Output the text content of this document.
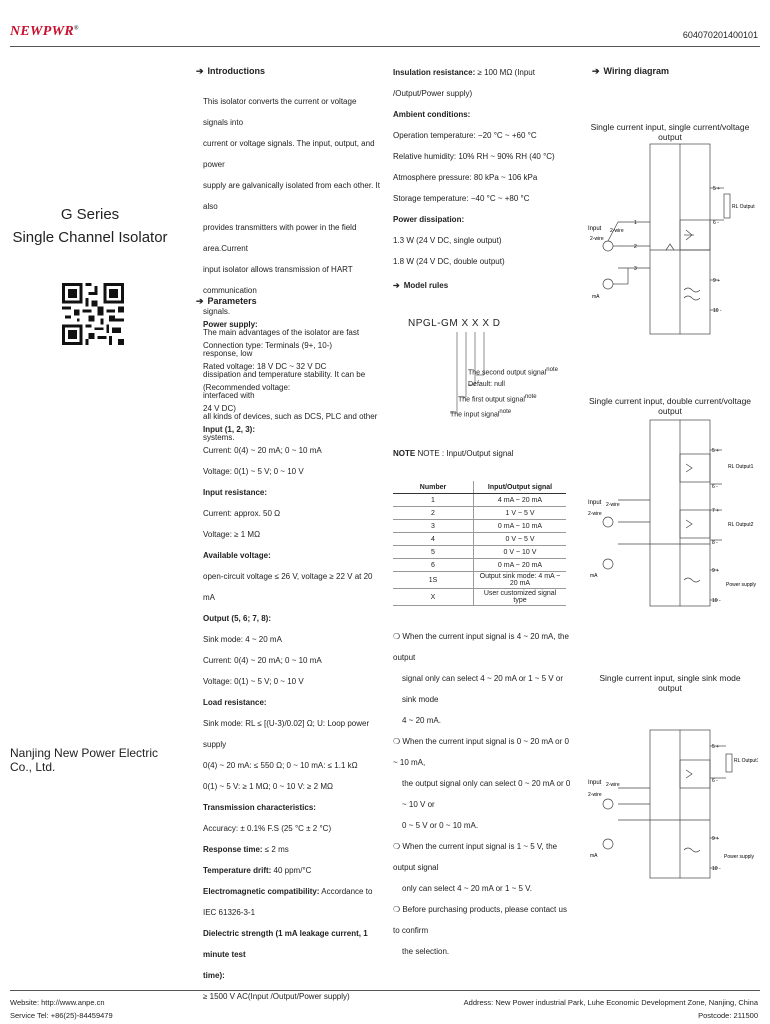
NEWPWR®
604070201400101
G Series
Single Channel Isolator
Nanjing New Power Electric Co., Ltd.
➔ Introductions
This isolator converts the current or voltage signals into
current or voltage signals. The input, output, and power
supply are galvanically isolated from each other. It also
provides transmitters with power in the field area.Current
input isolator allows transmission of HART communication
signals.
The main advantages of the isolator are fast response, low
dissipation and temperature stability. It can be interfaced with
all kinds of devices, such as DCS, PLC and other systems.
➔ Parameters
Power supply:
Connection type: Terminals (9+, 10-)
Rated voltage: 18 V DC ~ 32 V DC (Recommended voltage:
24 V DC)
Input (1, 2, 3):
Current: 0(4) ~ 20 mA; 0 ~ 10 mA
Voltage: 0(1) ~ 5 V; 0 ~ 10 V
Input resistance:
Current: approx. 50 Ω
Voltage: ≥ 1 MΩ
Available voltage:
open-circuit voltage ≤ 26 V, voltage ≥ 22 V at 20 mA
Output (5, 6; 7, 8):
Sink mode: 4 ~ 20 mA
Current: 0(4) ~ 20 mA; 0 ~ 10 mA
Voltage: 0(1) ~ 5 V; 0 ~ 10 V
Load resistance:
Sink mode: RL ≤ [(U-3)/0.02] Ω; U: Loop power supply
0(4) ~ 20 mA: ≤ 550 Ω; 0 ~ 10 mA: ≤ 1.1 kΩ
0(1) ~ 5 V: ≥ 1 MΩ; 0 ~ 10 V: ≥ 2 MΩ
Transmission characteristics:
Accuracy: ± 0.1% F.S (25 °C ± 2 °C)
Response time: ≤ 2 ms
Temperature drift: 40 ppm/°C
Electromagnetic compatibility: Accordance to IEC 61326-3-1
Dielectric strength (1 mA leakage current, 1 minute test
time):
≥ 1500 V AC(Input /Output/Power supply)
Insulation resistance: ≥ 100 MΩ (Input /Output/Power supply)
Ambient conditions:
Operation temperature: −20 °C ~ +60 °C
Relative humidity: 10% RH ~ 90% RH (40 °C)
Atmosphere pressure: 80 kPa ~ 106 kPa
Storage temperature: −40 °C ~ +80 °C
Power dissipation:
1.3 W (24 V DC, single output)
1.8 W (24 V DC, double output)
➔ Model rules
NPGL-GM X X X D
The second output signal$^{note}$
Default: null
The first output signal$^{note}$
The input signal$^{note}$
NOTE NOTE : Input/Output signal
Number	Input/Output signal
1	4 mA ~ 20 mA
2	1 V ~ 5 V
3	0 mA ~ 10 mA
4	0 V ~ 5 V
5	0 V ~ 10 V
6	0 mA ~ 20 mA
1S	Output sink mode: 4 mA ~ 20 mA
X	User customized signal type
❍ When the current input signal is 4 ~ 20 mA, the output
signal only can select 4 ~ 20 mA or 1 ~ 5 V or sink mode
4 ~ 20 mA.
❍ When the current input signal is 0 ~ 20 mA or 0 ~ 10 mA,
the output signal only can select 0 ~ 20 mA or 0 ~ 10 V or
0 ~ 5 V or 0 ~ 10 mA.
❍ When the current input signal is 1 ~ 5 V, the output signal
only can select 4 ~ 20 mA or 1 ~ 5 V.
❍ Before purchasing products, please contact us to confirm
the selection.
➔ Wiring diagram
Single current input, single current/voltage output
Single current input, double current/voltage output
Single current input, single sink mode output
Input 2-wire
2-wire
mA
5 +
6 -
RL Output
1
2
3
9 +
10 -
Input 2-wire
2-wire
mA
5 +
6 -
7 +
8 -
RL Output1
RL Output2
9 +
10 -
Power supply
Input 2-wire
2-wire
mA
5 +
6 -
RL Output1
9 +
10 -
Power supply
Website: http://www.anpe.cn
Service Tel: +86(25)-84459479
Address: New Power industrial Park, Luhe Economic Development Zone, Nanjing, China
Postcode: 211500
